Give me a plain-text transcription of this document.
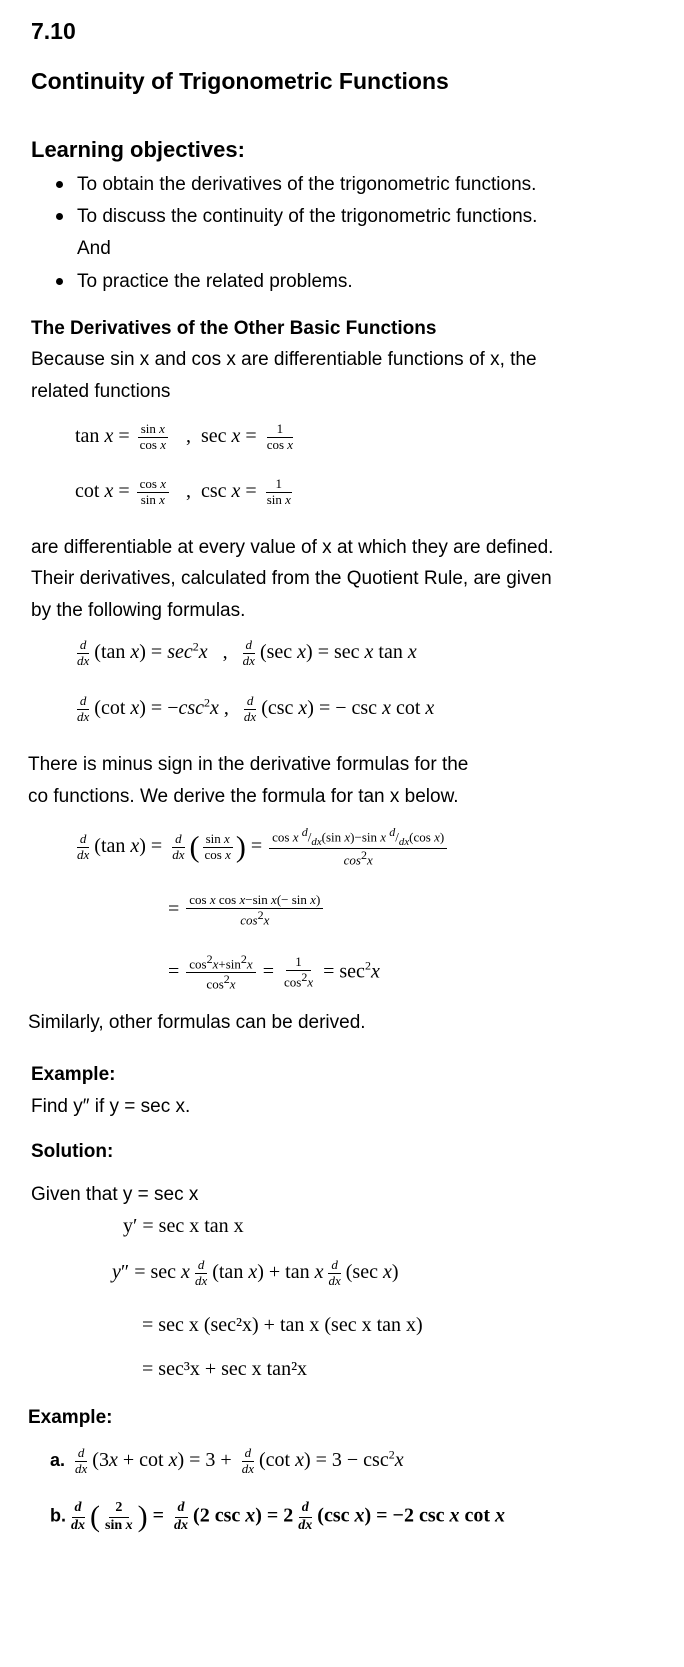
7.10
Continuity of Trigonometric Functions
Learning objectives:
To obtain the derivatives of the trigonometric functions.
To discuss the continuity of the trigonometric functions.
And
To practice the related problems.
The Derivatives of the Other Basic Functions
Because sin x and cos x are differentiable functions of x, the
related functions
$\tan x = \frac{\text{sin x}}{\text{cos x}}$ ,  $\sec x = \frac{1}{\text{cos x}}$
$\cot x = \frac{\text{cos x}}{\text{sin x}}$ ,  $\csc x = \frac{1}{\text{sin x}}$
are differentiable at every value of x at which they are defined.
Their derivatives, calculated from the Quotient Rule, are given
by the following formulas.
$\frac{d}{dx} (\tan$ $x) = \sec^2x$   , $\frac{d}{dx} (\sec$ x) = sec x tan x
$\frac{d}{dx} (\cot$ $x) = -\csc^2x$ , $\frac{d}{dx} (\csc$ x) = − csc x cot x
There is minus sign in the derivative formulas for the
co functions. We derive the formula for tan x below.
$\frac{d}{dx} (\tan$ $x) = \frac{d}{dx}$ ( $\frac{\text{sin x}}{\text{cos x}}$ ) = $\frac{\cos x ^d/_{dx}(\sin x)-\sin x ^d/_{dx}(\cos x)}{\cos^2x}$
= $\frac{\text{cos x cos x−sin x(− sin x)}}{\cos^2x}$
= $\frac{\cos^2x+\sin^2x}{\cos^2x} = \frac{1}{\cos^2x} = \sec^2x$
Similarly, other formulas can be derived.
Example:
Find y″ if y = sec x.
Solution:
Given that y = sec x
y′ = sec x tan x
y″ = sec x $\frac{d}{dx} (\tan$ x) + tan x $\frac{d}{dx} (\sec$ x)
= sec x (sec²x) + tan x (sec x tan x)
= sec³x + sec x tan²x
Example:
a. $\frac{d}{dx} (3x + \cot x) = 3 + \frac{d}{dx} (\cot$ $x) = 3 - \csc^2x$
b. $\frac{d}{dx}$ ( $\frac{2}{\text{sin x}}$ ) = $\frac{d}{dx} (2$ $\csc x) = 2 \frac{d}{dx} (\csc$ x) = −2 csc x cot x
